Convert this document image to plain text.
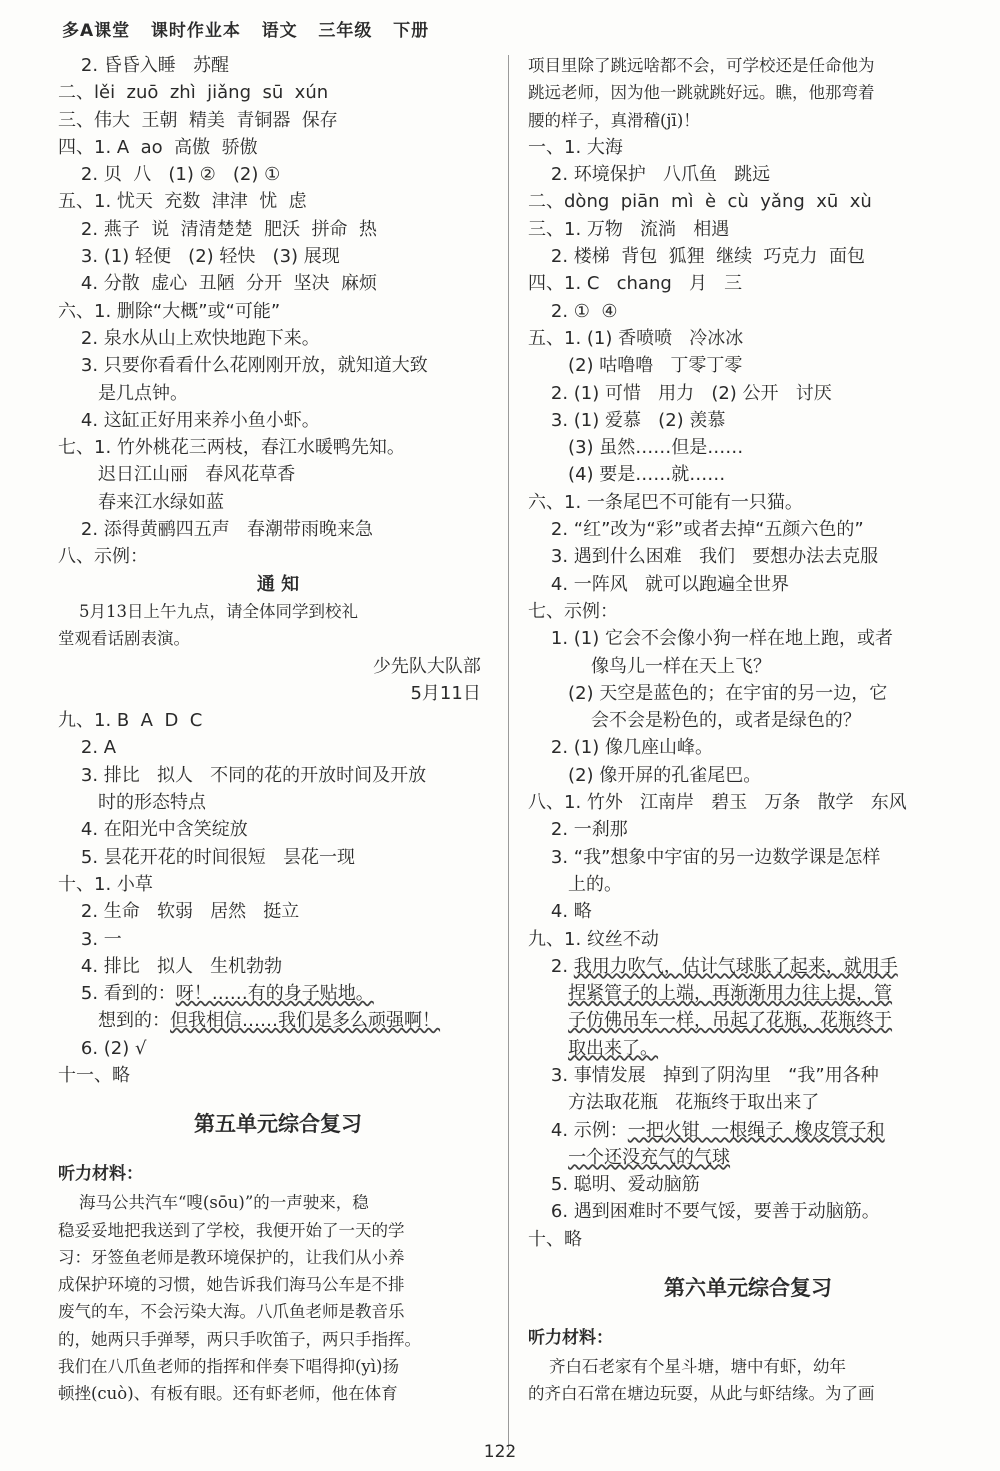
多A课堂   课时作业本   语文   三年级   下册
2. 昏昏入睡   苏醒
二、lěi  zuō  zhì  jiǎng  sū  xún
三、伟大  王朝  精美  青铜器  保存
四、1. A  ao  高傲  骄傲
2. 贝  八   (1) ②   (2) ①
五、1. 忧天  充数  津津  忧  虑
2. 燕子  说  清清楚楚  肥沃  拼命  热
3. (1) 轻便   (2) 轻快   (3) 展现
4. 分散  虚心  丑陋  分开  坚决  麻烦
六、1. 删除“大概”或“可能”
2. 泉水从山上欢快地跑下来。
3. 只要你看看什么花刚刚开放，就知道大致
是几点钟。
4. 这缸正好用来养小鱼小虾。
七、1. 竹外桃花三两枝，春江水暖鸭先知。
迟日江山丽   春风花草香
春来江水绿如蓝
2. 添得黄鹂四五声   春潮带雨晚来急
八、示例：
通 知
5月13日上午九点，请全体同学到校礼
堂观看话剧表演。
少先队大队部
5月11日
九、1. B  A  D  C
2. A
3. 排比   拟人   不同的花的开放时间及开放
时的形态特点
4. 在阳光中含笑绽放
5. 昙花开花的时间很短   昙花一现
十、1. 小草
2. 生命   软弱   居然   挺立
3. 一
4. 排比   拟人   生机勃勃
5. 看到的：呀！……有的身子贴地。
想到的：但我相信……我们是多么顽强啊！
6. (2) √
十一、略
第五单元综合复习
听力材料：
海马公共汽车“嗖(sōu)”的一声驶来，稳
稳妥妥地把我送到了学校，我便开始了一天的学
习：牙签鱼老师是教环境保护的，让我们从小养
成保护环境的习惯，她告诉我们海马公车是不排
废气的车，不会污染大海。八爪鱼老师是教音乐
的，她两只手弹琴，两只手吹笛子，两只手指挥。
我们在八爪鱼老师的指挥和伴奏下唱得抑(yì)扬
顿挫(cuò)、有板有眼。还有虾老师，他在体育
项目里除了跳远啥都不会，可学校还是任命他为
跳远老师，因为他一跳就跳好远。瞧，他那弯着
腰的样子，真滑稽(jī)！
一、1. 大海
2. 环境保护   八爪鱼   跳远
二、dòng  piān  mì  è  cù  yǎng  xū  xù
三、1. 万物   流淌   相遇
2. 楼梯  背包  狐狸  继续  巧克力  面包
四、1. C   chang   月   三
2. ①  ④
五、1. (1) 香喷喷   冷冰冰
(2) 咕噜噜   丁零丁零
2. (1) 可惜   用力   (2) 公开   讨厌
3. (1) 爱慕   (2) 羡慕
(3) 虽然……但是……
(4) 要是……就……
六、1. 一条尾巴不可能有一只猫。
2. “红”改为“彩”或者去掉“五颜六色的”
3. 遇到什么困难   我们   要想办法去克服
4. 一阵风   就可以跑遍全世界
七、示例：
1. (1) 它会不会像小狗一样在地上跑，或者
像鸟儿一样在天上飞？
(2) 天空是蓝色的；在宇宙的另一边，它
会不会是粉色的，或者是绿色的？
2. (1) 像几座山峰。
(2) 像开屏的孔雀尾巴。
八、1. 竹外   江南岸   碧玉   万条   散学   东风
2. 一刹那
3. “我”想象中宇宙的另一边数学课是怎样
上的。
4. 略
九、1. 纹丝不动
2. 我用力吹气，估计气球胀了起来，就用手
捏紧管子的上端，再渐渐用力往上提，管
子仿佛吊车一样，吊起了花瓶，花瓶终于
取出来了。
3. 事情发展   掉到了阴沟里   “我”用各种
方法取花瓶   花瓶终于取出来了
4. 示例：一把火钳  一根绳子  橡皮管子和
一个还没充气的气球
5. 聪明、爱动脑筋
6. 遇到困难时不要气馁，要善于动脑筋。
十、略
第六单元综合复习
听力材料：
齐白石老家有个星斗塘，塘中有虾，幼年
的齐白石常在塘边玩耍，从此与虾结缘。为了画
122
